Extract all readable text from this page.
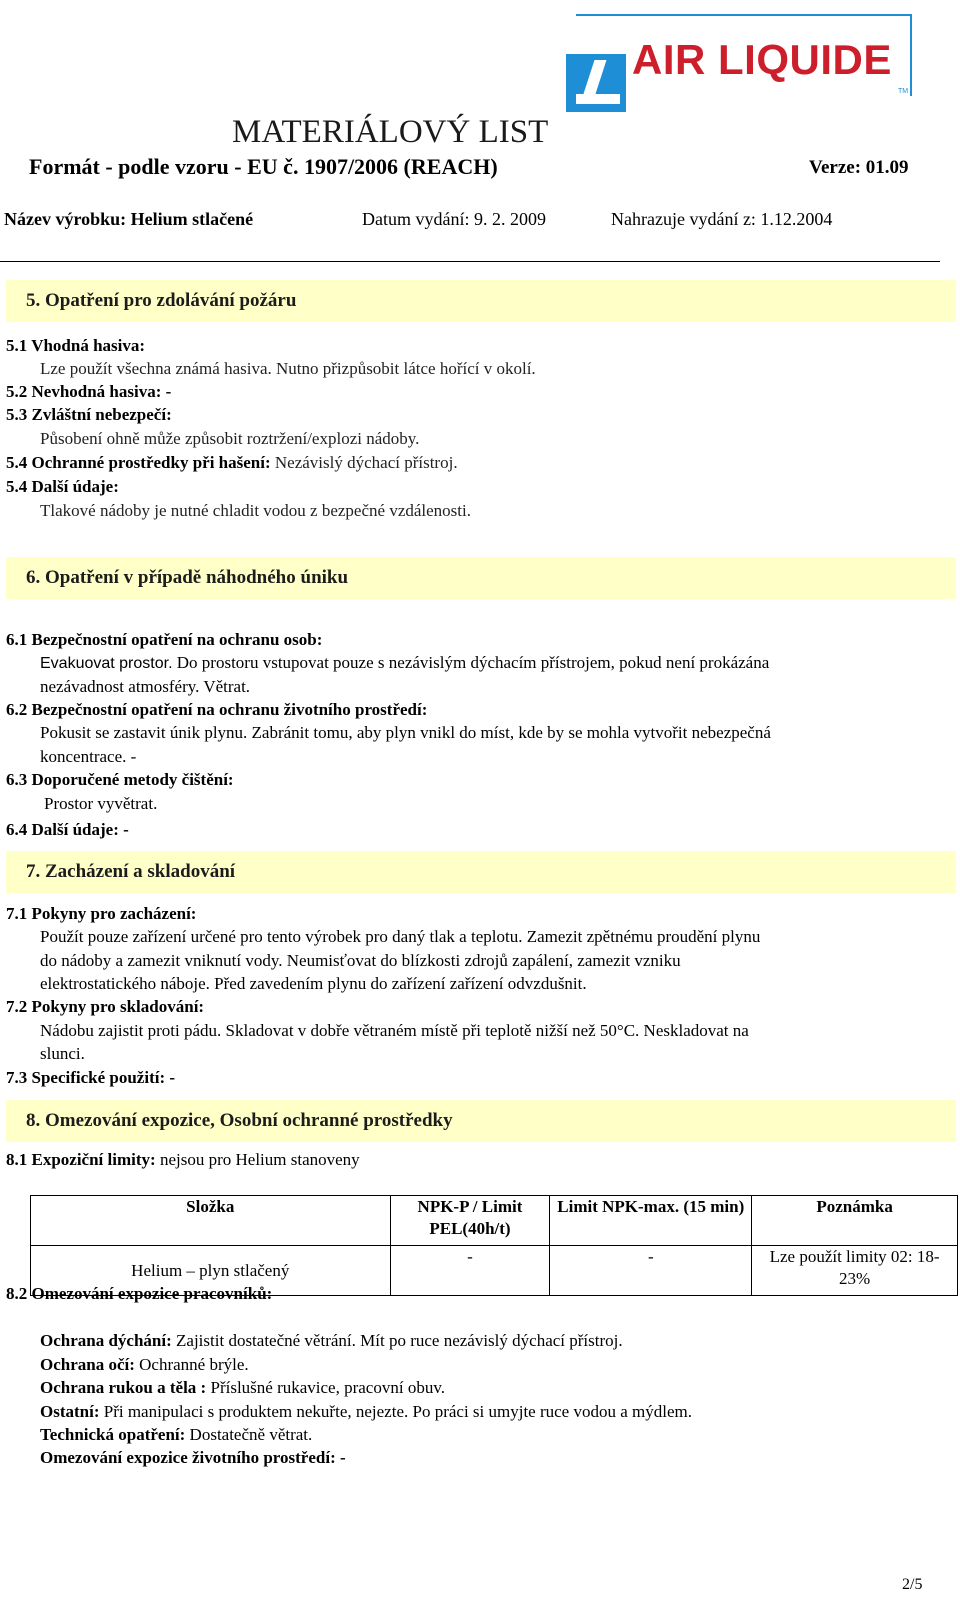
AIR LIQUIDE
TM
MATERIÁLOVÝ LIST
Formát - podle vzoru - EU č. 1907/2006 (REACH)	Verze: 01.09
Název výrobku: Helium stlačené	Datum vydání: 9. 2. 2009	Nahrazuje vydání z: 1.12.2004
5. Opatření pro zdolávání požáru
5.1 Vhodná hasiva:
Lze použít všechna známá hasiva. Nutno přizpůsobit látce hořící v okolí.
5.2 Nevhodná hasiva: -
5.3 Zvláštní nebezpečí:
Působení ohně může způsobit roztržení/explozi nádoby.
5.4 Ochranné prostředky při hašení: Nezávislý dýchací přístroj.
5.4 Další údaje:
Tlakové nádoby je nutné chladit vodou z bezpečné vzdálenosti.
6. Opatření v případě náhodného úniku
6.1 Bezpečnostní opatření na ochranu osob:
Evakuovat prostor. Do prostoru vstupovat pouze s nezávislým dýchacím přístrojem, pokud není prokázána
nezávadnost atmosféry. Větrat.
6.2 Bezpečnostní opatření na ochranu životního prostředí:
Pokusit se zastavit únik plynu. Zabránit tomu, aby plyn vnikl do míst, kde by se mohla vytvořit nebezpečná
koncentrace. -
6.3 Doporučené metody čištění:
Prostor vyvětrat.
6.4 Další údaje: -
7. Zacházení a skladování
7.1 Pokyny pro zacházení:
Použít pouze zařízení určené pro tento výrobek pro daný tlak a teplotu. Zamezit zpětnému proudění plynu
do nádoby a zamezit vniknutí vody. Neumisťovat do blízkosti zdrojů zapálení, zamezit vzniku
elektrostatického náboje. Před zavedením plynu do zařízení zařízení odvzdušnit.
7.2 Pokyny pro skladování:
Nádobu zajistit proti pádu. Skladovat v dobře větraném místě při teplotě nižší než 50°C. Neskladovat na
slunci.
7.3 Specifické použití: -
8. Omezování expozice, Osobní ochranné prostředky
8.1 Expoziční limity: nejsou pro Helium stanoveny
Složka	NPK-P / Limit PEL(40h/t)	Limit NPK-max. (15 min)	Poznámka
Helium – plyn stlačený	-	-	Lze použít limity 02: 18-23%
8.2 Omezování expozice pracovníků:
Ochrana dýchání: Zajistit dostatečné větrání. Mít po ruce nezávislý dýchací přístroj.
Ochrana očí: Ochranné brýle.
Ochrana rukou a těla : Příslušné rukavice, pracovní obuv.
Ostatní: Při manipulaci s produktem nekuřte, nejezte. Po práci si umyjte ruce vodou a mýdlem.
Technická opatření: Dostatečně větrat.
Omezování expozice životního prostředí: -
2/5
